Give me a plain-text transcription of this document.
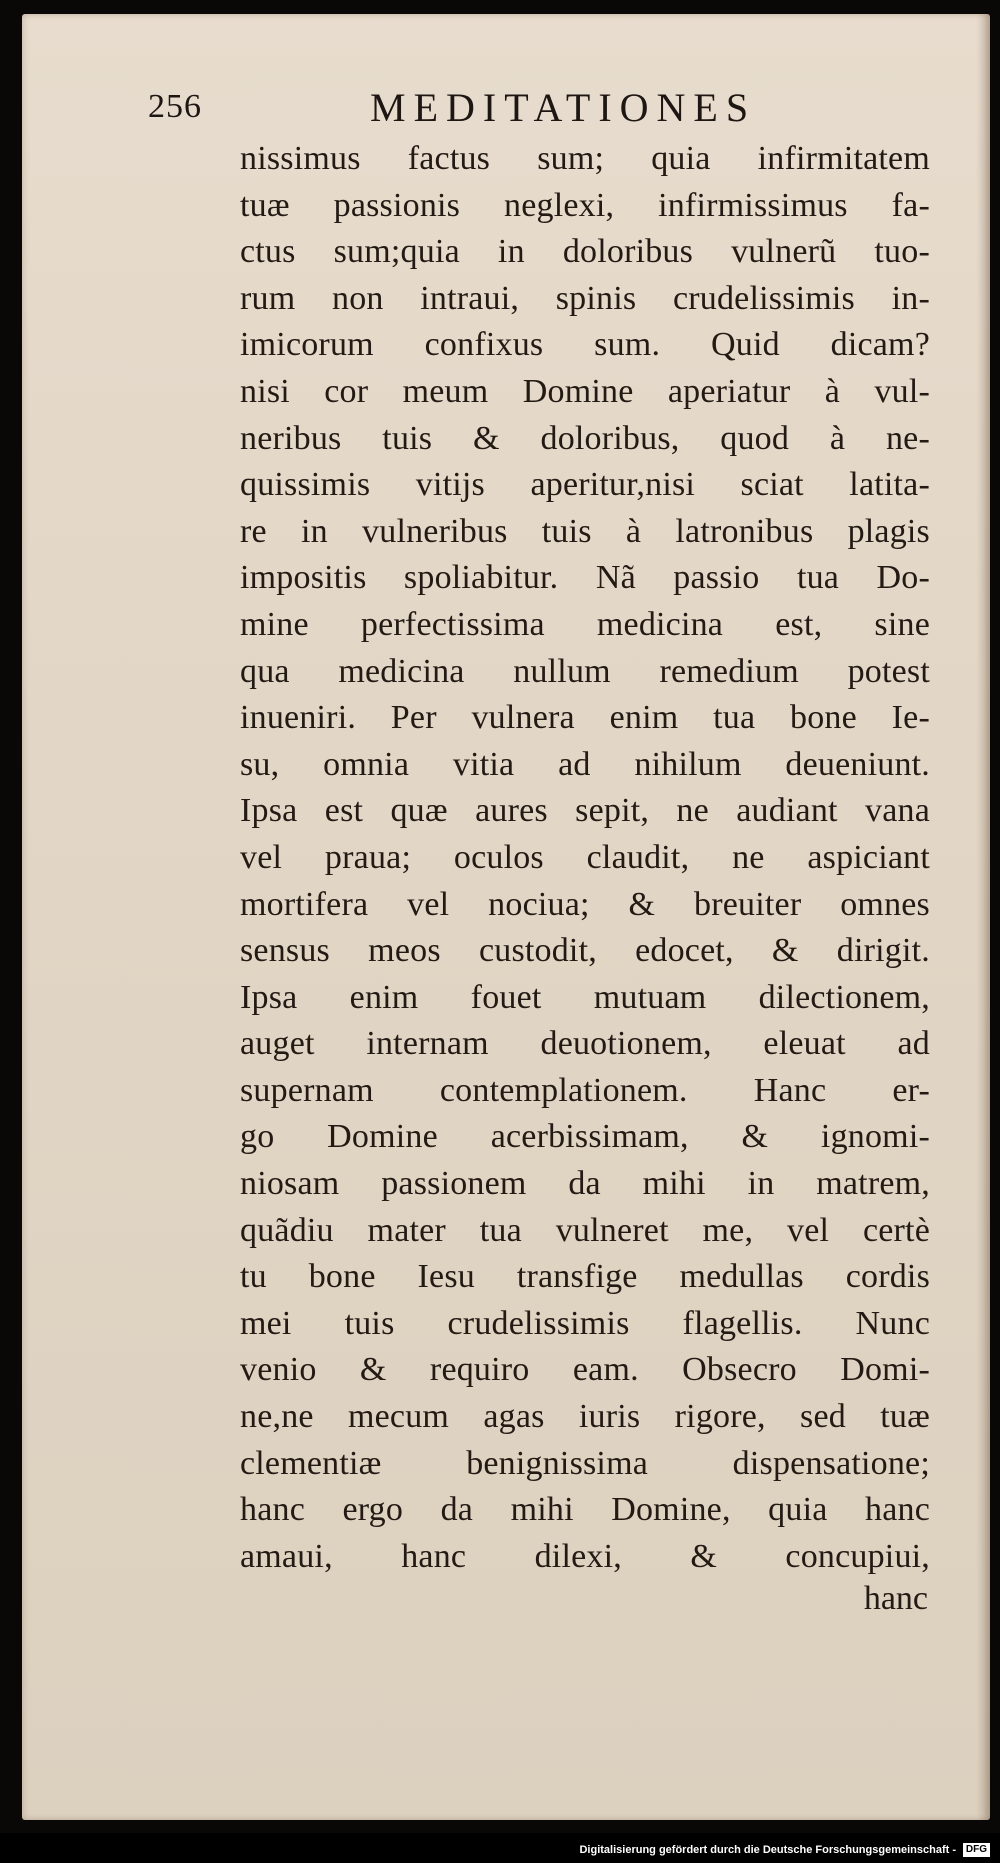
256	MEDITATIONES
nissimus factus sum; quia infirmitatem
tuæ passionis neglexi, infirmissimus fa-
ctus sum;quia in doloribus vulnerũ tuo-
rum non intraui, spinis crudelissimis in-
imicorum confixus sum. Quid dicam?
nisi cor meum Domine aperiatur à vul-
neribus tuis & doloribus, quod à ne-
quissimis vitijs aperitur,nisi sciat latita-
re in vulneribus tuis à latronibus plagis
impositis spoliabitur. Nã passio tua Do-
mine perfectissima medicina est, sine
qua medicina nullum remedium potest
inueniri. Per vulnera enim tua bone Ie-
su, omnia vitia ad nihilum deueniunt.
Ipsa est quæ aures sepit, ne audiant vana
vel praua; oculos claudit, ne aspiciant
mortifera vel nociua; & breuiter omnes
sensus meos custodit, edocet, & dirigit.
Ipsa enim fouet mutuam dilectionem,
auget internam deuotionem, eleuat ad
supernam contemplationem. Hanc er-
go Domine acerbissimam, & ignomi-
niosam passionem da mihi in matrem,
quãdiu mater tua vulneret me, vel certè
tu bone Iesu transfige medullas cordis
mei tuis crudelissimis flagellis. Nunc
venio & requiro eam. Obsecro Domi-
ne,ne mecum agas iuris rigore, sed tuæ
clementiæ benignissima dispensatione;
hanc ergo da mihi Domine, quia hanc
amaui, hanc dilexi, & concupiui,
hanc
Digitalisierung gefördert durch die Deutsche Forschungsgemeinschaft - DFG
